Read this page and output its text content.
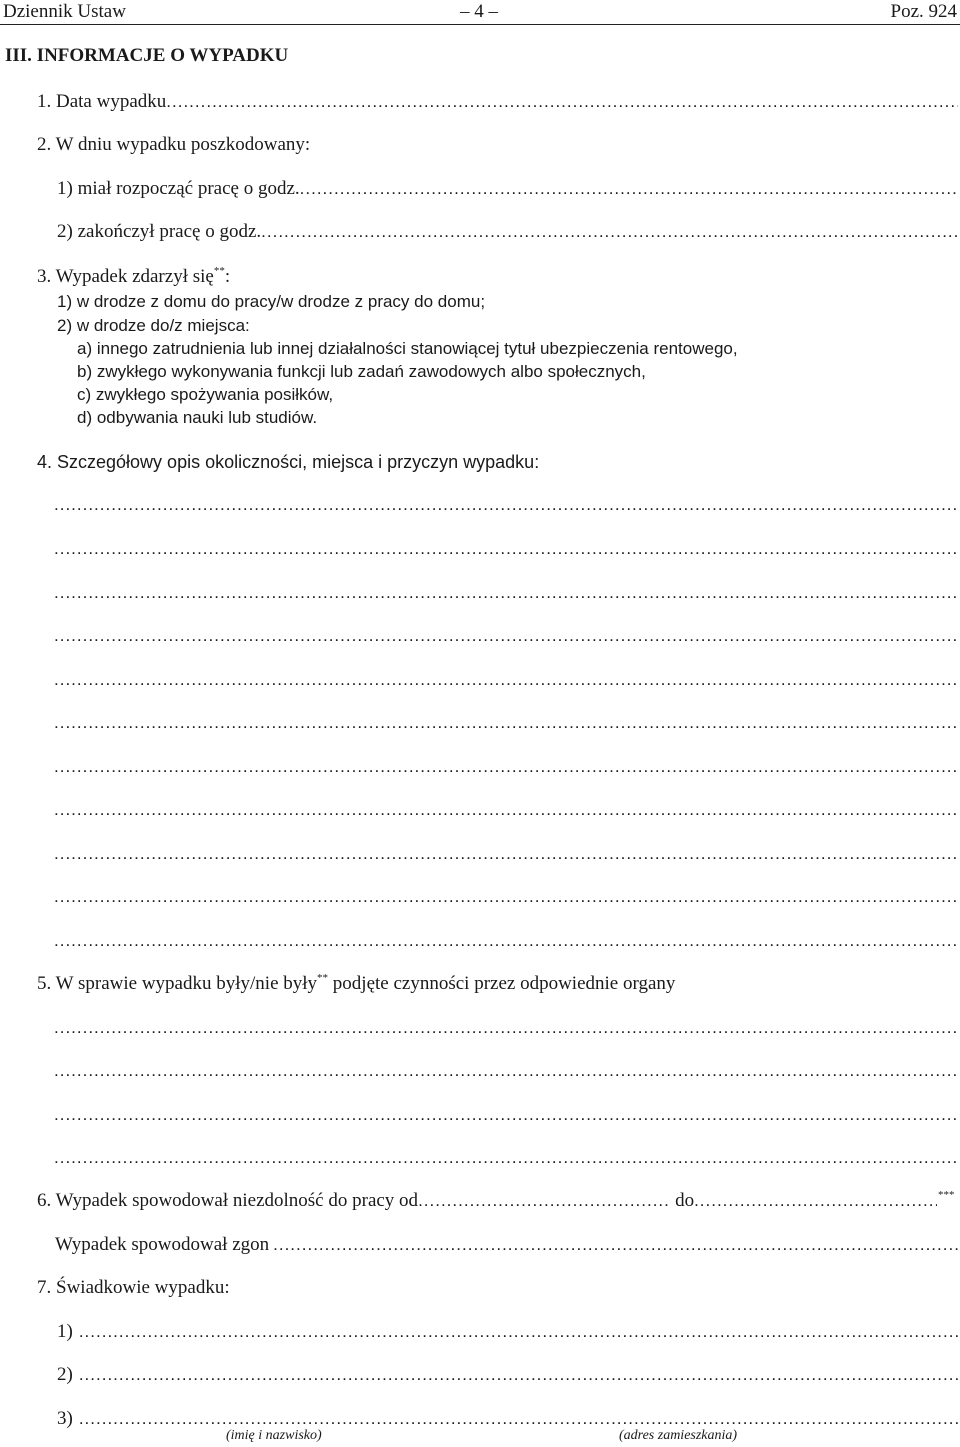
Dziennik Ustaw	– 4 –	Poz. 924
III. INFORMACJE O WYPADKU
1. Data wypadku
.....
2. W dniu wypadku poszkodowany:
1) miał rozpocząć pracę o godz.
.....
2) zakończył pracę o godz.
.....
3. Wypadek zdarzył się**:
1) w drodze z domu do pracy/w drodze z pracy do domu;
2) w drodze do/z miejsca:
a) innego zatrudnienia lub innej działalności stanowiącej tytuł ubezpieczenia rentowego,
b) zwykłego wykonywania funkcji lub zadań zawodowych albo społecznych,
c) zwykłego spożywania posiłków,
d) odbywania nauki lub studiów.
4. Szczegółowy opis okoliczności, miejsca i przyczyn wypadku:
.....
.....
.....
.....
.....
.....
.....
.....
.....
.....
.....
5. W sprawie wypadku były/nie były** podjęte czynności przez odpowiednie organy
.....
.....
.....
.....
6. Wypadek spowodował niezdolność do pracy od .....	do .....	***
Wypadek spowodował zgon
.....
7. Świadkowie wypadku:
1)
.....
2)
.....
3)
.....
(imię i nazwisko)	(adres zamieszkania)
